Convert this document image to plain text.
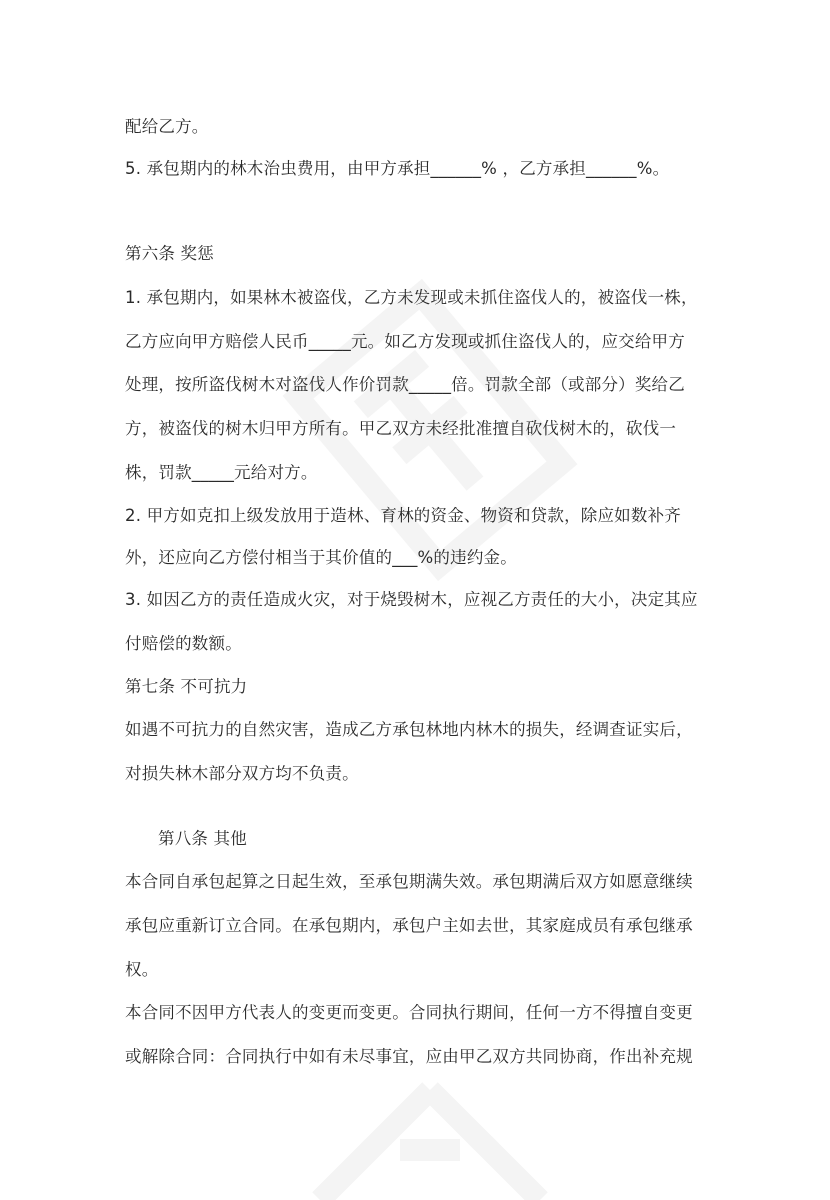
配给乙方。
5. 承包期内的林木治虫费用，由甲方承担______% ，乙方承担______%。
第六条 奖惩
1. 承包期内，如果林木被盗伐，乙方未发现或未抓住盗伐人的，被盗伐一株，
乙方应向甲方赔偿人民币_____元。如乙方发现或抓住盗伐人的，应交给甲方
处理，按所盗伐树木对盗伐人作价罚款_____倍。罚款全部（或部分）奖给乙
方，被盗伐的树木归甲方所有。甲乙双方未经批准擅自砍伐树木的，砍伐一
株，罚款_____元给对方。
2. 甲方如克扣上级发放用于造林、育林的资金、物资和贷款，除应如数补齐
外，还应向乙方偿付相当于其价值的___%的违约金。
3. 如因乙方的责任造成火灾，对于烧毁树木，应视乙方责任的大小，决定其应
付赔偿的数额。
第七条 不可抗力
如遇不可抗力的自然灾害，造成乙方承包林地内林木的损失，经调查证实后，
对损失林木部分双方均不负责。
第八条 其他
本合同自承包起算之日起生效，至承包期满失效。承包期满后双方如愿意继续
承包应重新订立合同。在承包期内，承包户主如去世，其家庭成员有承包继承
权。
本合同不因甲方代表人的变更而变更。合同执行期间，任何一方不得擅自变更
或解除合同：合同执行中如有未尽事宜，应由甲乙双方共同协商，作出补充规
